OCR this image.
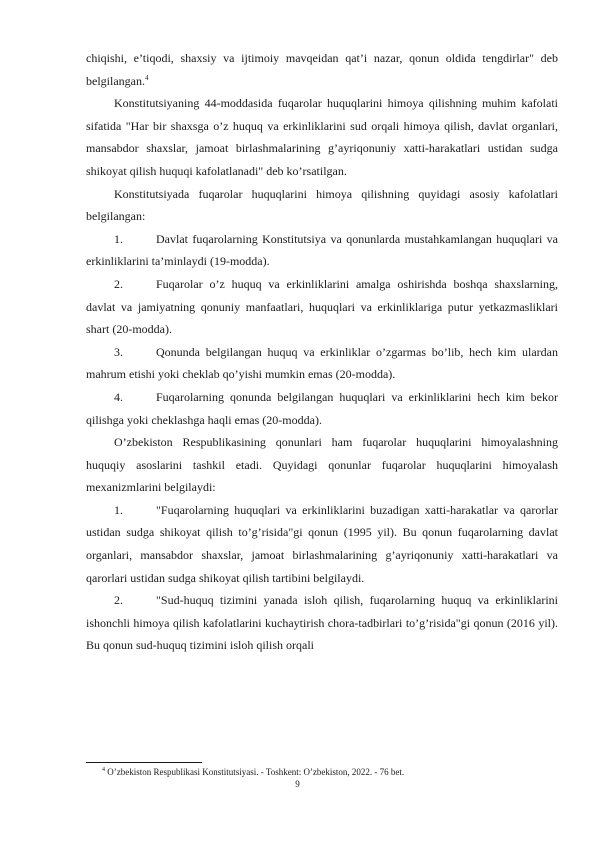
chiqishi, e’tiqodi, shaxsiy va ijtimoiy mavqeidan qat’i nazar, qonun oldida tengdirlar" deb belgilangan.$^4$

Konstitutsiyaning 44-moddasida fuqarolar huquqlarini himoya qilishning muhim kafolati sifatida "Har bir shaxsga o’z huquq va erkinliklarini sud orqali himoya qilish, davlat organlari, mansabdor shaxslar, jamoat birlashmalarining g’ayriqonuniy xatti-harakatlari ustidan sudga shikoyat qilish huquqi kafolatlanadi" deb ko’rsatilgan.

Konstitutsiyada fuqarolar huquqlarini himoya qilishning quyidagi asosiy kafolatlari belgilangan:

1.	Davlat fuqarolarning Konstitutsiya va qonunlarda mustahkamlangan huquqlari va erkinliklarini ta’minlaydi (19-modda).

2.	Fuqarolar o’z huquq va erkinliklarini amalga oshirishda boshqa shaxslarning, davlat va jamiyatning qonuniy manfaatlari, huquqlari va erkinliklariga putur yetkazmasliklari shart (20-modda).

3.	Qonunda belgilangan huquq va erkinliklar o’zgarmas bo’lib, hech kim ulardan mahrum etishi yoki cheklab qo’yishi mumkin emas (20-modda).

4.	Fuqarolarning qonunda belgilangan huquqlari va erkinliklarini hech kim bekor qilishga yoki cheklashga haqli emas (20-modda).

O’zbekiston Respublikasining qonunlari ham fuqarolar huquqlarini himoyalashning huquqiy asoslarini tashkil etadi. Quyidagi qonunlar fuqarolar huquqlarini himoyalash mexanizmlarini belgilaydi:

1.	"Fuqarolarning huquqlari va erkinliklarini buzadigan xatti-harakatlar va qarorlar ustidan sudga shikoyat qilish to’g’risida"gi qonun (1995 yil). Bu qonun fuqarolarning davlat organlari, mansabdor shaxslar, jamoat birlashmalarining g’ayriqonuniy xatti-harakatlari va qarorlari ustidan sudga shikoyat qilish tartibini belgilaydi.

2.	"Sud-huquq tizimini yanada isloh qilish, fuqarolarning huquq va erkinliklarini ishonchli himoya qilish kafolatlarini kuchaytirish chora-tadbirlari to’g’risida"gi qonun (2016 yil). Bu qonun sud-huquq tizimini isloh qilish orqali

$^4$ O’zbekiston Respublikasi Konstitutsiyasi. - Toshkent: O’zbekiston, 2022. - 76 bet.
9
